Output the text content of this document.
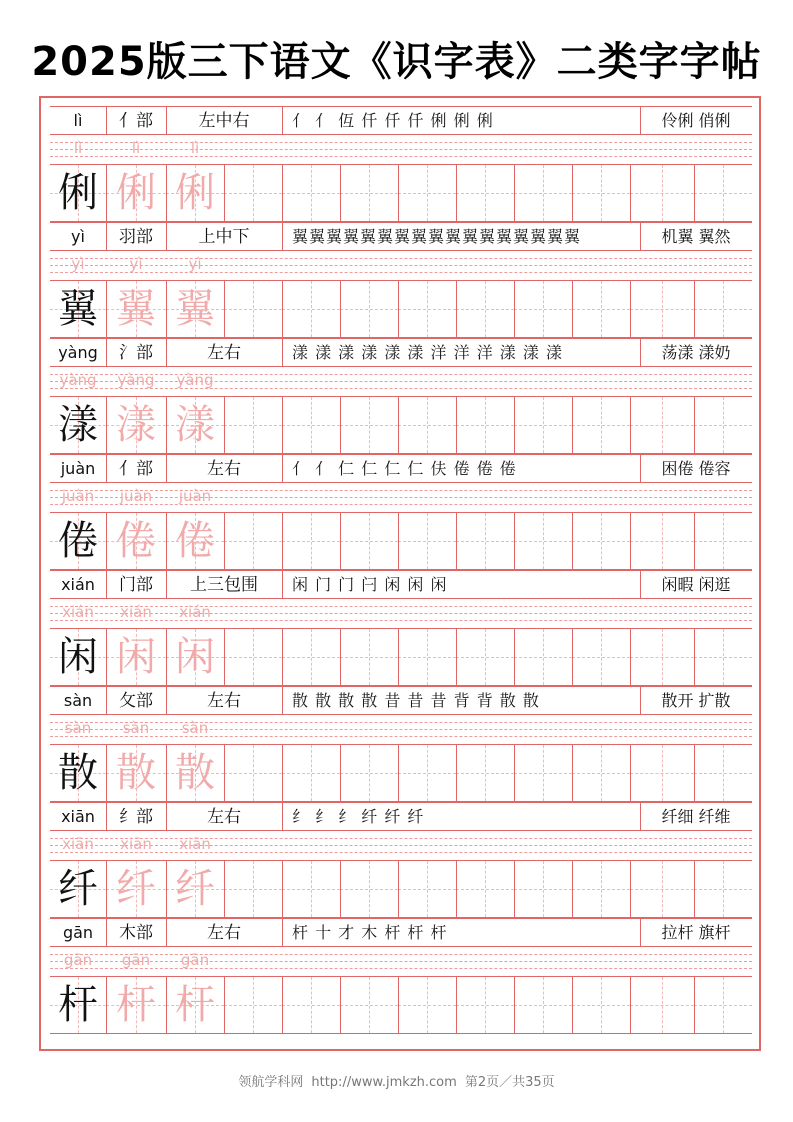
2025版三下语文《识字表》二类字字帖
lì	亻部	左中右	亻 亻 仾 仟 仟 仟 俐 俐 俐	伶俐 俏俐
lì	lì	lì
俐 俐 俐
yì	羽部	上中下	翼翼翼翼翼翼翼翼翼翼翼翼翼翼翼翼翼	机翼 翼然
yì	yì	yì
翼 翼 翼
yàng	氵部	左右	漾 漾 漾 漾 漾 漾 洋 洋 洋 漾 漾 漾	荡漾 漾奶
yàng	yàng	yàng
漾 漾 漾
juàn	亻部	左右	亻 亻 仁 仁 仁 仁 伕 倦 倦 倦	困倦 倦容
juàn	juàn	juàn
倦 倦 倦
xián	门部	上三包围	闲 门 门 闩 闲 闲 闲	闲暇 闲逛
xián	xián	xián
闲 闲 闲
sàn	攵部	左右	散 散 散 散 昔 昔 昔 背 背 散 散	散开 扩散
sàn	sàn	sàn
散 散 散
xiān	纟部	左右	纟 纟 纟 纤 纤 纤	纤细 纤维
xiān	xiān	xiān
纤 纤 纤
gān	木部	左右	杆 十 才 木 杆 杆 杆	拉杆 旗杆
gān	gān	gān
杆 杆 杆
领航学科网 http://www.jmkzh.com 第2页／共35页
